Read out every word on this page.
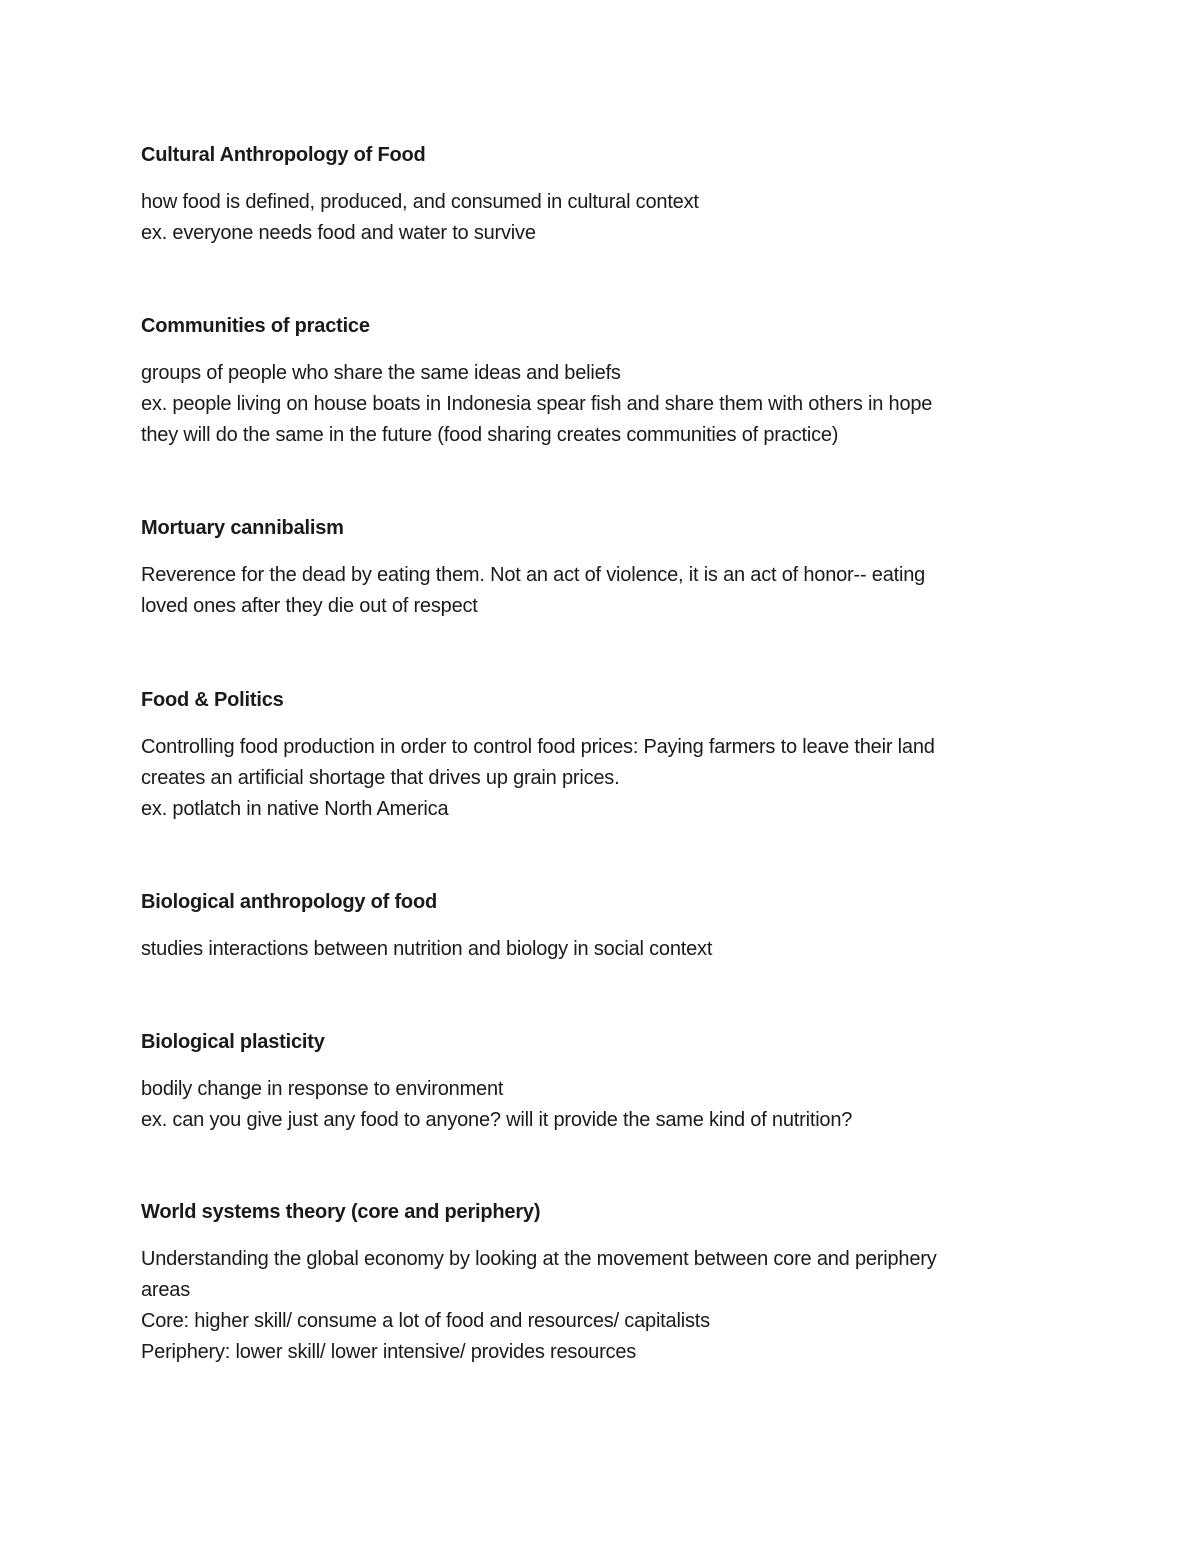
Cultural Anthropology of Food

how food is defined, produced, and consumed in cultural context
ex. everyone needs food and water to survive

Communities of practice

groups of people who share the same ideas and beliefs
ex. people living on house boats in Indonesia spear fish and share them with others in hope
they will do the same in the future (food sharing creates communities of practice)

Mortuary cannibalism

Reverence for the dead by eating them. Not an act of violence, it is an act of honor-- eating
loved ones after they die out of respect

Food & Politics

Controlling food production in order to control food prices: Paying farmers to leave their land
creates an artificial shortage that drives up grain prices.
ex. potlatch in native North America

Biological anthropology of food

studies interactions between nutrition and biology in social context

Biological plasticity

bodily change in response to environment
ex. can you give just any food to anyone? will it provide the same kind of nutrition?

World systems theory (core and periphery)

Understanding the global economy by looking at the movement between core and periphery
areas
Core: higher skill/ consume a lot of food and resources/ capitalists
Periphery: lower skill/ lower intensive/ provides resources
